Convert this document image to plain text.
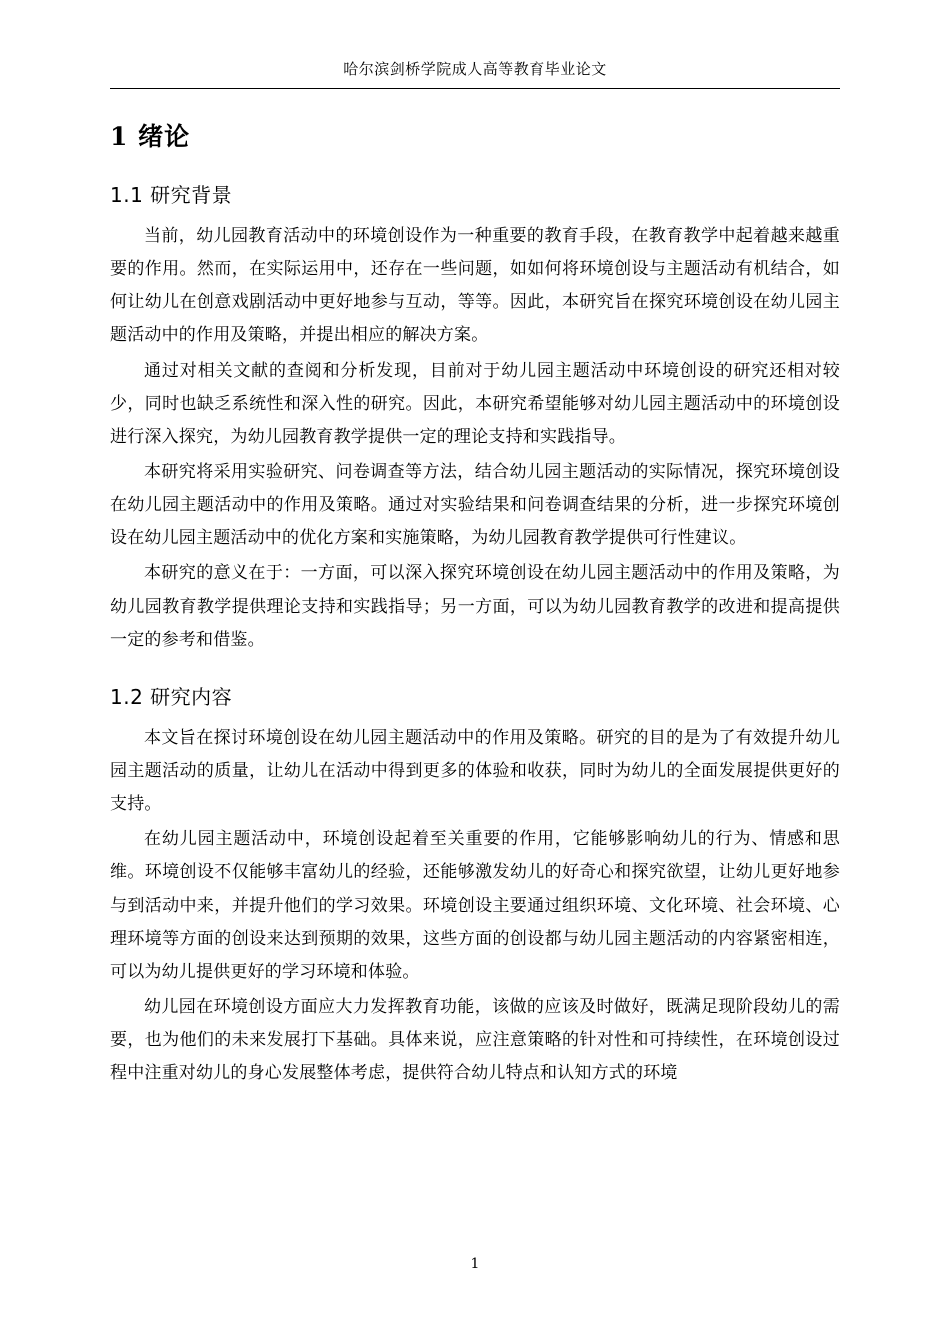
哈尔滨剑桥学院成人高等教育毕业论文
1 绪论
1.1 研究背景

当前，幼儿园教育活动中的环境创设作为一种重要的教育手段，在教育教学中起着越来越重要的作用。然而，在实际运用中，还存在一些问题，如如何将环境创设与主题活动有机结合，如何让幼儿在创意戏剧活动中更好地参与互动，等等。因此，本研究旨在探究环境创设在幼儿园主题活动中的作用及策略，并提出相应的解决方案。

通过对相关文献的查阅和分析发现，目前对于幼儿园主题活动中环境创设的研究还相对较少，同时也缺乏系统性和深入性的研究。因此，本研究希望能够对幼儿园主题活动中的环境创设进行深入探究，为幼儿园教育教学提供一定的理论支持和实践指导。

本研究将采用实验研究、问卷调查等方法，结合幼儿园主题活动的实际情况，探究环境创设在幼儿园主题活动中的作用及策略。通过对实验结果和问卷调查结果的分析，进一步探究环境创设在幼儿园主题活动中的优化方案和实施策略，为幼儿园教育教学提供可行性建议。

本研究的意义在于：一方面，可以深入探究环境创设在幼儿园主题活动中的作用及策略，为幼儿园教育教学提供理论支持和实践指导；另一方面，可以为幼儿园教育教学的改进和提高提供一定的参考和借鉴。

1.2 研究内容

本文旨在探讨环境创设在幼儿园主题活动中的作用及策略。研究的目的是为了有效提升幼儿园主题活动的质量，让幼儿在活动中得到更多的体验和收获，同时为幼儿的全面发展提供更好的支持。

在幼儿园主题活动中，环境创设起着至关重要的作用，它能够影响幼儿的行为、情感和思维。环境创设不仅能够丰富幼儿的经验，还能够激发幼儿的好奇心和探究欲望，让幼儿更好地参与到活动中来，并提升他们的学习效果。环境创设主要通过组织环境、文化环境、社会环境、心理环境等方面的创设来达到预期的效果，这些方面的创设都与幼儿园主题活动的内容紧密相连，可以为幼儿提供更好的学习环境和体验。

幼儿园在环境创设方面应大力发挥教育功能，该做的应该及时做好，既满足现阶段幼儿的需要，也为他们的未来发展打下基础。具体来说，应注意策略的针对性和可持续性，在环境创设过程中注重对幼儿的身心发展整体考虑，提供符合幼儿特点和认知方式的环境

1
